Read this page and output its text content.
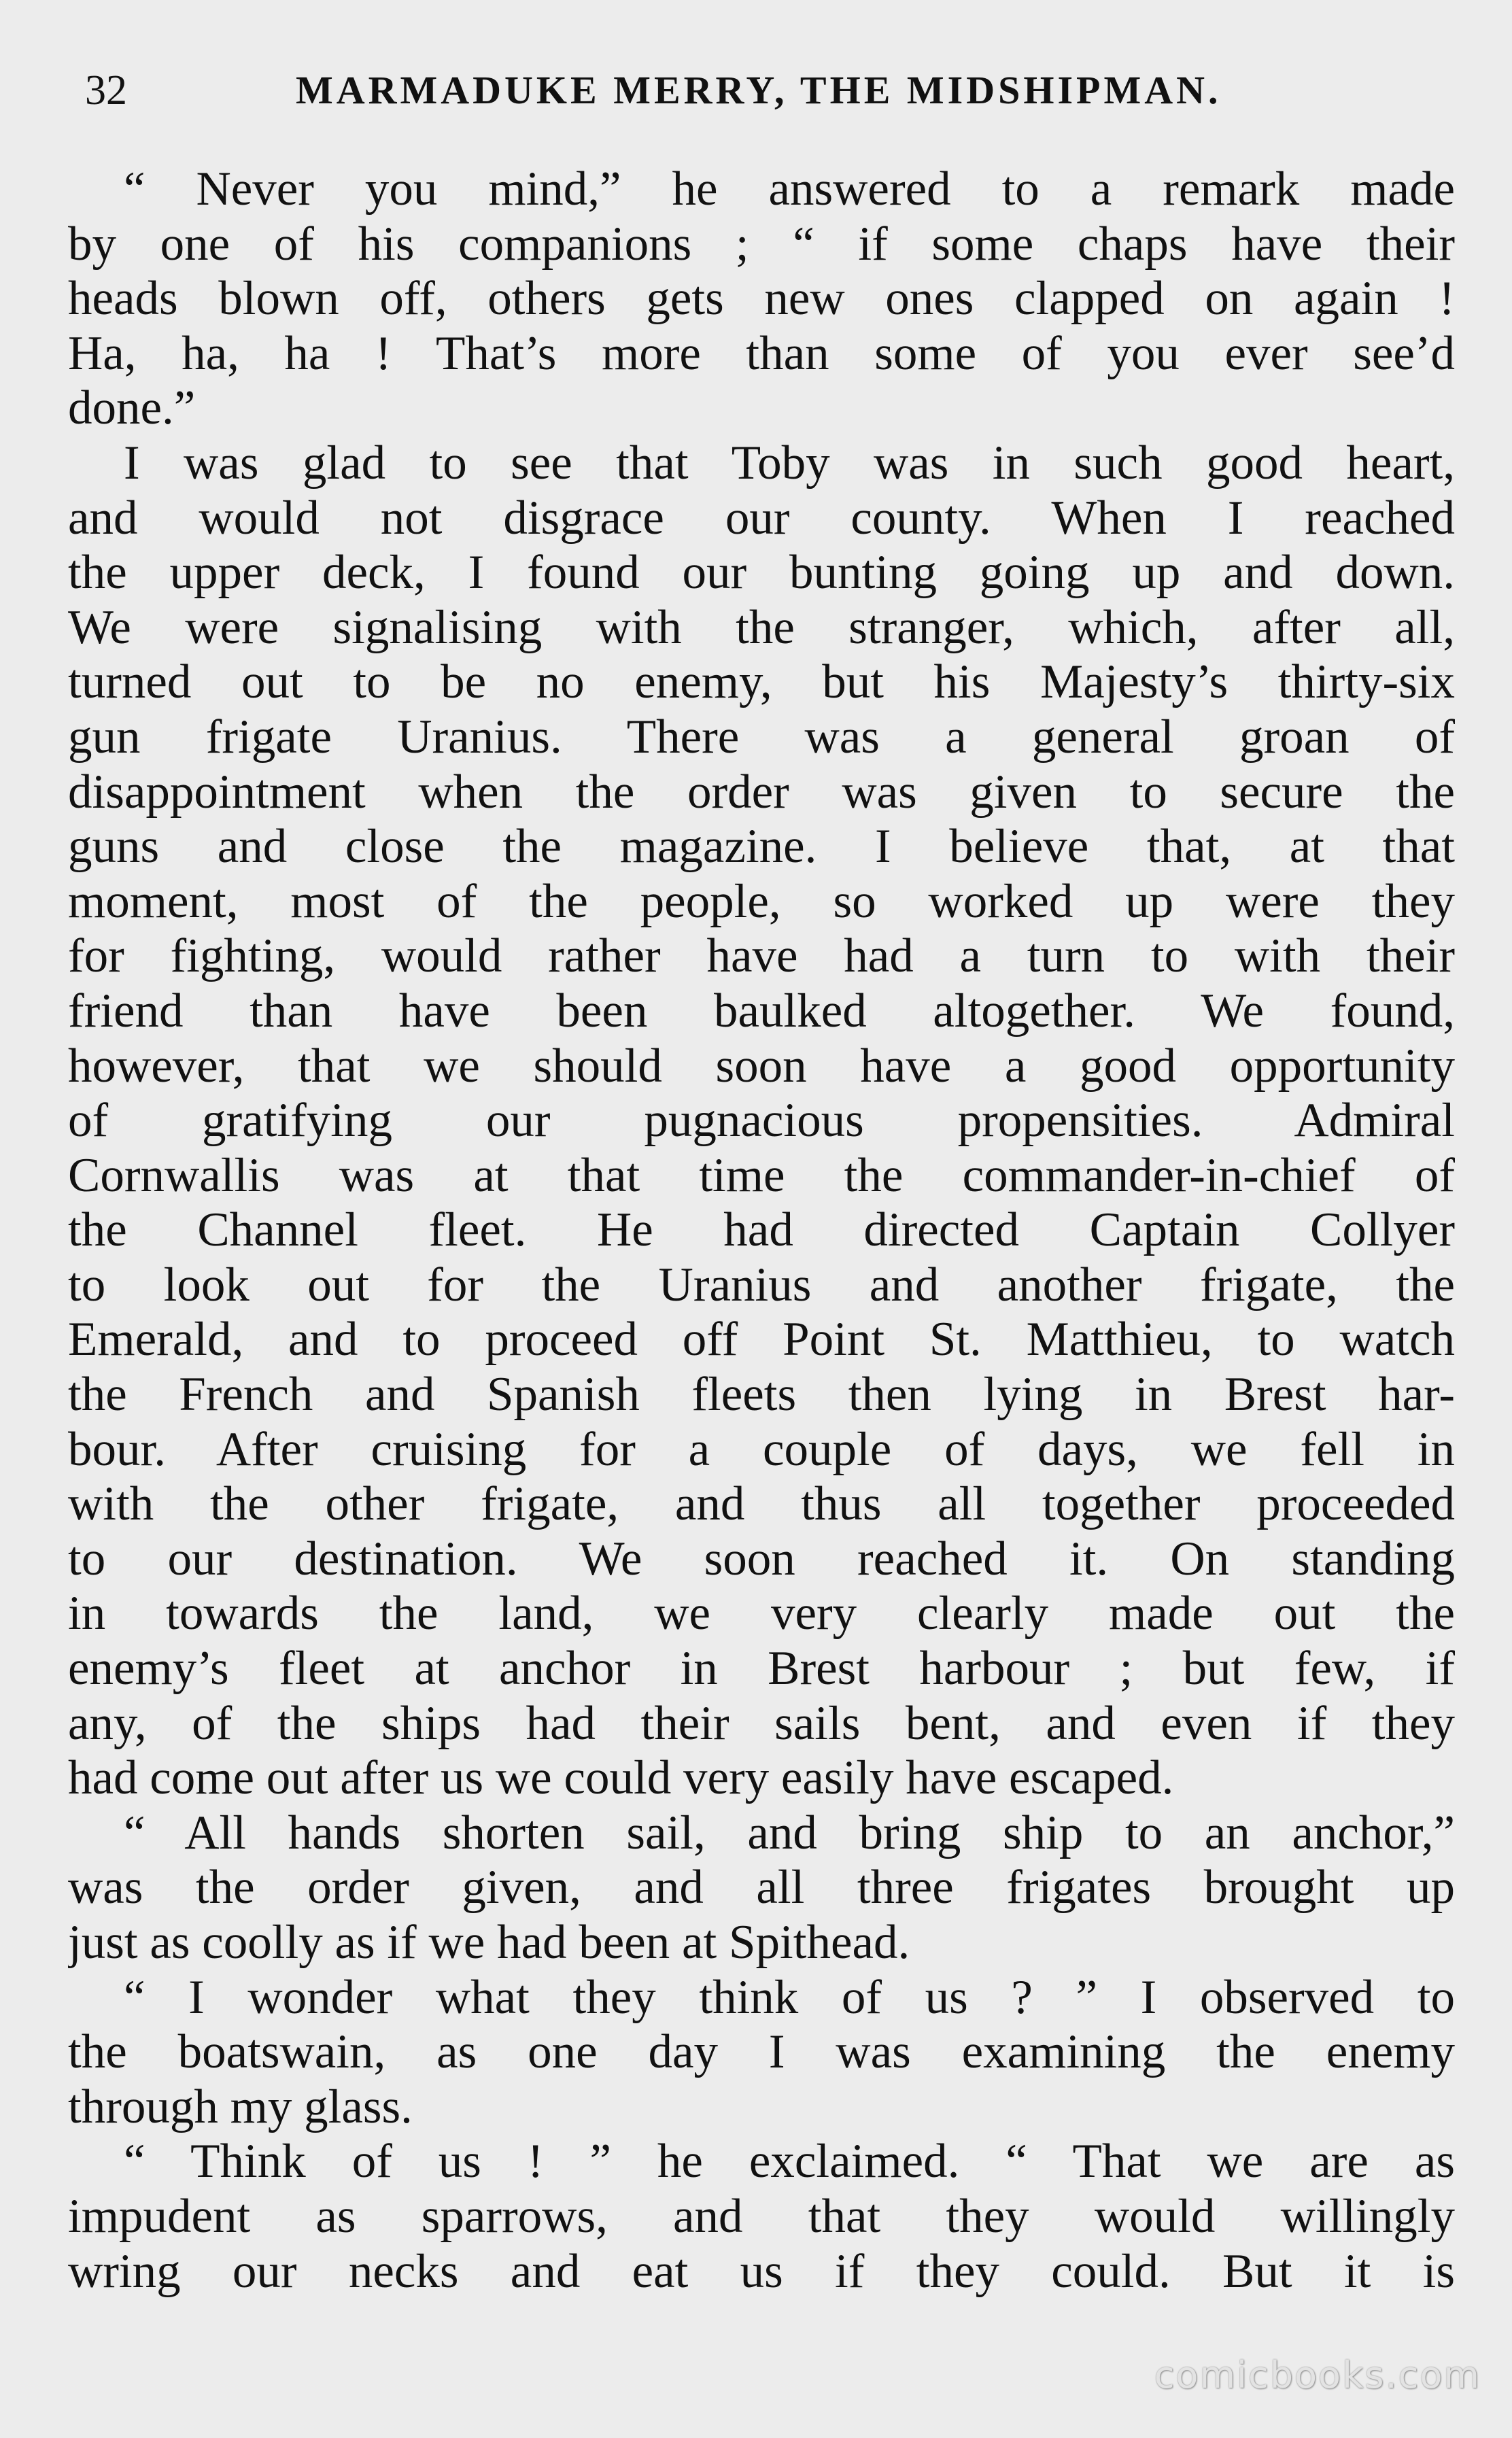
32	MARMADUKE MERRY, THE MIDSHIPMAN.
“ Never you mind,” he answered to a remark made
by one of his companions ; “ if some chaps have their
heads blown off, others gets new ones clapped on again !
Ha, ha, ha ! That’s more than some of you ever see’d
done.”
I was glad to see that Toby was in such good heart,
and would not disgrace our county. When I reached
the upper deck, I found our bunting going up and down.
We were signalising with the stranger, which, after all,
turned out to be no enemy, but his Majesty’s thirty-six
gun frigate Uranius. There was a general groan of
disappointment when the order was given to secure the
guns and close the magazine. I believe that, at that
moment, most of the people, so worked up were they
for fighting, would rather have had a turn to with their
friend than have been baulked altogether. We found,
however, that we should soon have a good opportunity
of gratifying our pugnacious propensities. Admiral
Cornwallis was at that time the commander-in-chief of
the Channel fleet. He had directed Captain Collyer
to look out for the Uranius and another frigate, the
Emerald, and to proceed off Point St. Matthieu, to watch
the French and Spanish fleets then lying in Brest har-
bour. After cruising for a couple of days, we fell in
with the other frigate, and thus all together proceeded
to our destination. We soon reached it. On standing
in towards the land, we very clearly made out the
enemy’s fleet at anchor in Brest harbour ; but few, if
any, of the ships had their sails bent, and even if they
had come out after us we could very easily have escaped.
“ All hands shorten sail, and bring ship to an anchor,”
was the order given, and all three frigates brought up
just as coolly as if we had been at Spithead.
“ I wonder what they think of us ? ” I observed to
the boatswain, as one day I was examining the enemy
through my glass.
“ Think of us ! ” he exclaimed. “ That we are as
impudent as sparrows, and that they would willingly
wring our necks and eat us if they could. But it is
comicbooks.com
